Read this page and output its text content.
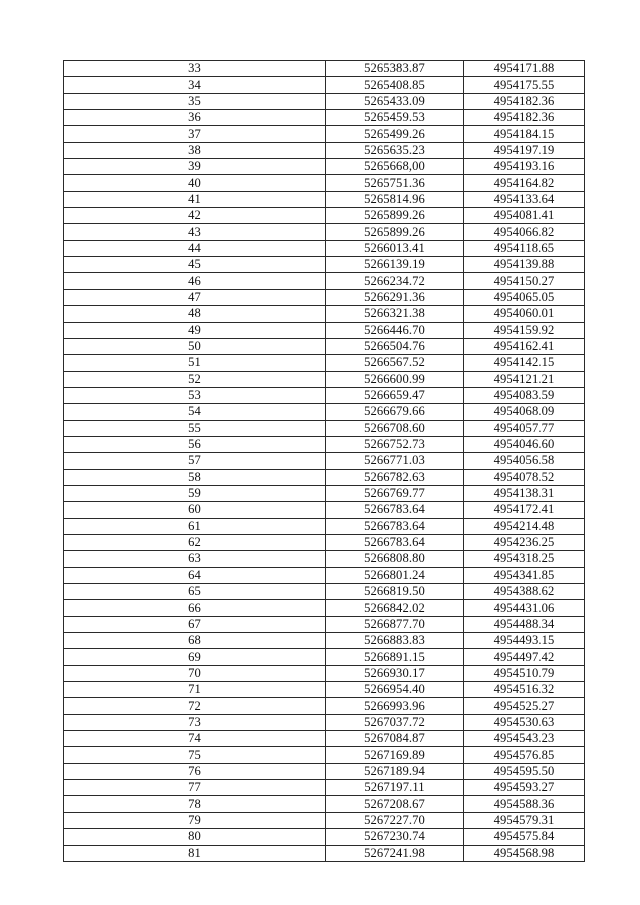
33	5265383.87	4954171.88
34	5265408.85	4954175.55
35	5265433.09	4954182.36
36	5265459.53	4954182.36
37	5265499.26	4954184.15
38	5265635.23	4954197.19
39	5265668,00	4954193.16
40	5265751.36	4954164.82
41	5265814.96	4954133.64
42	5265899.26	4954081.41
43	5265899.26	4954066.82
44	5266013.41	4954118.65
45	5266139.19	4954139.88
46	5266234.72	4954150.27
47	5266291.36	4954065.05
48	5266321.38	4954060.01
49	5266446.70	4954159.92
50	5266504.76	4954162.41
51	5266567.52	4954142.15
52	5266600.99	4954121.21
53	5266659.47	4954083.59
54	5266679.66	4954068.09
55	5266708.60	4954057.77
56	5266752.73	4954046.60
57	5266771.03	4954056.58
58	5266782.63	4954078.52
59	5266769.77	4954138.31
60	5266783.64	4954172.41
61	5266783.64	4954214.48
62	5266783.64	4954236.25
63	5266808.80	4954318.25
64	5266801.24	4954341.85
65	5266819.50	4954388.62
66	5266842.02	4954431.06
67	5266877.70	4954488.34
68	5266883.83	4954493.15
69	5266891.15	4954497.42
70	5266930.17	4954510.79
71	5266954.40	4954516.32
72	5266993.96	4954525.27
73	5267037.72	4954530.63
74	5267084.87	4954543.23
75	5267169.89	4954576.85
76	5267189.94	4954595.50
77	5267197.11	4954593.27
78	5267208.67	4954588.36
79	5267227.70	4954579.31
80	5267230.74	4954575.84
81	5267241.98	4954568.98
